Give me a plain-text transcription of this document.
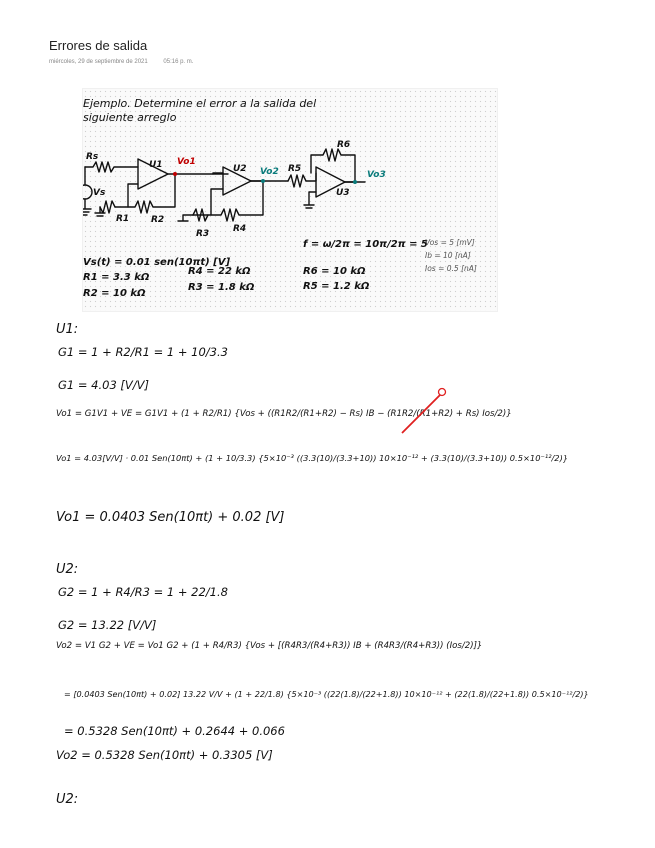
Errores de salida
miércoles, 29 de septiembre de 2021	05:16 p. m.
Ejemplo. Determine el error a la salida del
siguiente arreglo
Rs
Vs
R1 R2
U1 Vo1
U2 Vo2
R3	R4
R5
R6
U3
Vo3
Vs(t) = 0.01 sen(10πt) [V]
R1 = 3.3 kΩ
R2 = 10 kΩ
R4 = 22 kΩ
R3 = 1.8 kΩ
f = ω/2π = 10π/2π = 5
R6 = 10 kΩ
R5 = 1.2 kΩ
Vos = 5 [mV]
Ib = 10 [nA]
Ios = 0.5 [nA]
U1:
G1 = 1 + R2/R1 = 1 + 10/3.3
G1 = 4.03 [V/V]
Vo1 = G1V1 + VE = G1V1 + (1 + R2/R1) {Vos + ((R1R2/(R1+R2) − Rs) IB − (R1R2/(R1+R2) + Rs) Ios/2)}
Vo1 = 4.03[V/V] · 0.01 Sen(10πt) + (1 + 10/3.3) {5×10⁻³ ((3.3(10)/(3.3+10)) 10×10⁻¹² + (3.3(10)/(3.3+10)) 0.5×10⁻¹²/2)}
Vo1 = 0.0403 Sen(10πt) + 0.02 [V]
U2:
G2 = 1 + R4/R3 = 1 + 22/1.8
G2 = 13.22 [V/V]
Vo2 = V1 G2 + VE = Vo1 G2 + (1 + R4/R3) {Vos + [(R4R3/(R4+R3)) IB + (R4R3/(R4+R3)) (Ios/2)]}
= [0.0403 Sen(10πt) + 0.02] 13.22 V/V + (1 + 22/1.8) {5×10⁻³ ((22(1.8)/(22+1.8)) 10×10⁻¹² + (22(1.8)/(22+1.8)) 0.5×10⁻¹²/2)}
= 0.5328 Sen(10πt) + 0.2644 + 0.066
Vo2 = 0.5328 Sen(10πt) + 0.3305 [V]
U2:
